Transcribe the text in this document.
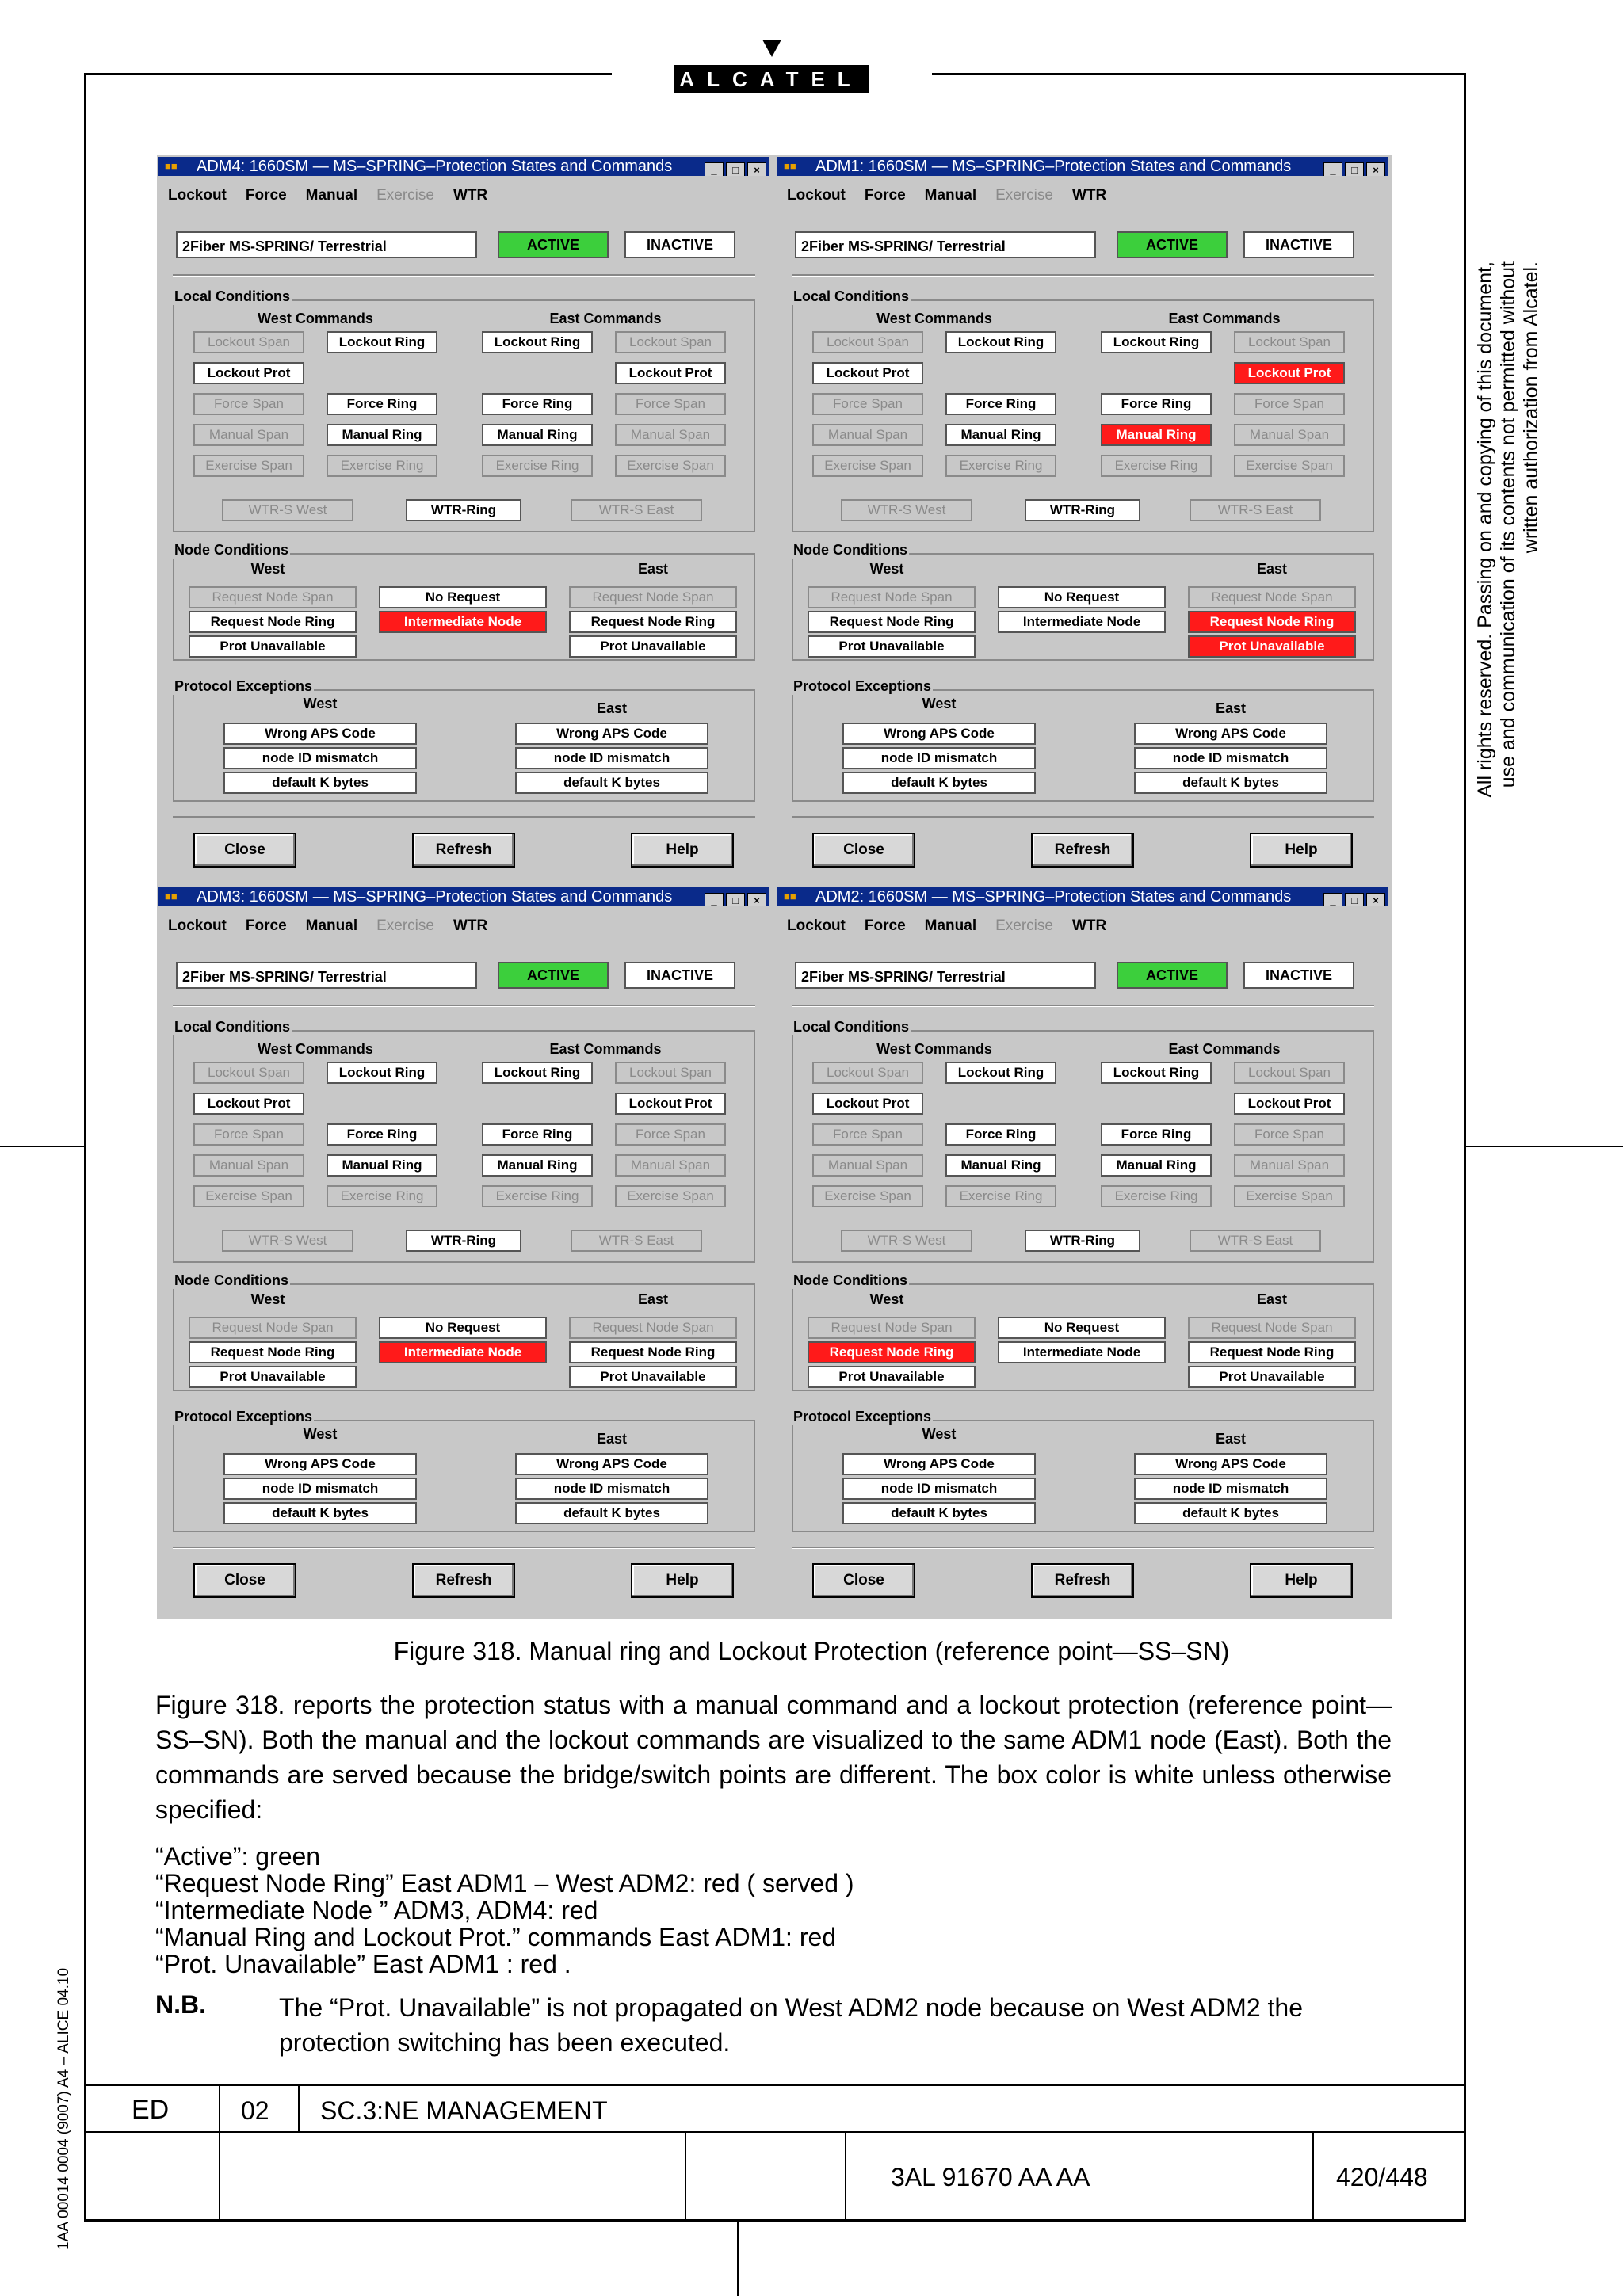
ALCATEL
All rights reserved. Passing on and copying of this document, use and communication of its contents not permitted without written authorization from Alcatel.
1AA 00014 0004 (9007) A4 – ALICE 04.10
■■	ADM4: 1660SM — MS–SPRING–Protection States and Commands	_ □ ×
Lockout Force Manual Exercise WTR
2Fiber MS-SPRING/ Terrestrial	ACTIVE	INACTIVE
Local Conditions
West Commands	East Commands
Node Conditions
West	East
Protocol Exceptions
West	East
Lockout Span	Lockout Ring	Lockout Ring	Lockout Span
Lockout Prot	Lockout Prot
Force Span	Force Ring	Force Ring	Force Span
Manual Span	Manual Ring	Manual Ring	Manual Span
Exercise Span	Exercise Ring	Exercise Ring	Exercise Span
WTR-S West	WTR-Ring	WTR-S East
Request Node Span	No Request	Request Node Span
Request Node Ring	Intermediate Node	Request Node Ring
Prot Unavailable	Prot Unavailable
Wrong APS Code	Wrong APS Code
node ID mismatch	node ID mismatch
default K bytes	default K bytes
Close	Refresh	Help
■■	ADM1: 1660SM — MS–SPRING–Protection States and Commands	_ □ ×
Lockout Force Manual Exercise WTR
2Fiber MS-SPRING/ Terrestrial	ACTIVE	INACTIVE
Local Conditions
West Commands	East Commands
Node Conditions
West	East
Protocol Exceptions
West	East
Lockout Span	Lockout Ring	Lockout Ring	Lockout Span
Lockout Prot	Lockout Prot
Force Span	Force Ring	Force Ring	Force Span
Manual Span	Manual Ring	Manual Ring	Manual Span
Exercise Span	Exercise Ring	Exercise Ring	Exercise Span
WTR-S West	WTR-Ring	WTR-S East
Request Node Span	No Request	Request Node Span
Request Node Ring	Intermediate Node	Request Node Ring
Prot Unavailable	Prot Unavailable
Wrong APS Code	Wrong APS Code
node ID mismatch	node ID mismatch
default K bytes	default K bytes
Close	Refresh	Help
■■	ADM3: 1660SM — MS–SPRING–Protection States and Commands	_ □ ×
Lockout Force Manual Exercise WTR
2Fiber MS-SPRING/ Terrestrial	ACTIVE	INACTIVE
Local Conditions
West Commands	East Commands
Node Conditions
West	East
Protocol Exceptions
West	East
Lockout Span	Lockout Ring	Lockout Ring	Lockout Span
Lockout Prot	Lockout Prot
Force Span	Force Ring	Force Ring	Force Span
Manual Span	Manual Ring	Manual Ring	Manual Span
Exercise Span	Exercise Ring	Exercise Ring	Exercise Span
WTR-S West	WTR-Ring	WTR-S East
Request Node Span	No Request	Request Node Span
Request Node Ring	Intermediate Node	Request Node Ring
Prot Unavailable	Prot Unavailable
Wrong APS Code	Wrong APS Code
node ID mismatch	node ID mismatch
default K bytes	default K bytes
Close	Refresh	Help
■■	ADM2: 1660SM — MS–SPRING–Protection States and Commands	_ □ ×
Lockout Force Manual Exercise WTR
2Fiber MS-SPRING/ Terrestrial	ACTIVE	INACTIVE
Local Conditions
West Commands	East Commands
Node Conditions
West	East
Protocol Exceptions
West	East
Lockout Span	Lockout Ring	Lockout Ring	Lockout Span
Lockout Prot	Lockout Prot
Force Span	Force Ring	Force Ring	Force Span
Manual Span	Manual Ring	Manual Ring	Manual Span
Exercise Span	Exercise Ring	Exercise Ring	Exercise Span
WTR-S West	WTR-Ring	WTR-S East
Request Node Span	No Request	Request Node Span
Request Node Ring	Intermediate Node	Request Node Ring
Prot Unavailable	Prot Unavailable
Wrong APS Code	Wrong APS Code
node ID mismatch	node ID mismatch
default K bytes	default K bytes
Close	Refresh	Help
Figure 318. Manual ring and Lockout Protection (reference point—SS–SN)
Figure 318. reports the protection status with a manual command and a lockout protection (reference point—SS–SN). Both the manual and the lockout commands are visualized to the same ADM1 node (East). Both the commands are served because the bridge/switch points are different. The box color is white unless otherwise specified:
“Active”: green
“Request Node Ring” East ADM1 – West ADM2: red ( served )
“Intermediate Node ” ADM3, ADM4: red
“Manual Ring and Lockout Prot.” commands East ADM1: red
“Prot. Unavailable” East ADM1 : red .
N.B.	The “Prot. Unavailable” is not propagated on West ADM2 node because on West ADM2 the protection switching has been executed.
ED	02 SC.3:NE MANAGEMENT
3AL 91670 AA AA	420/448
